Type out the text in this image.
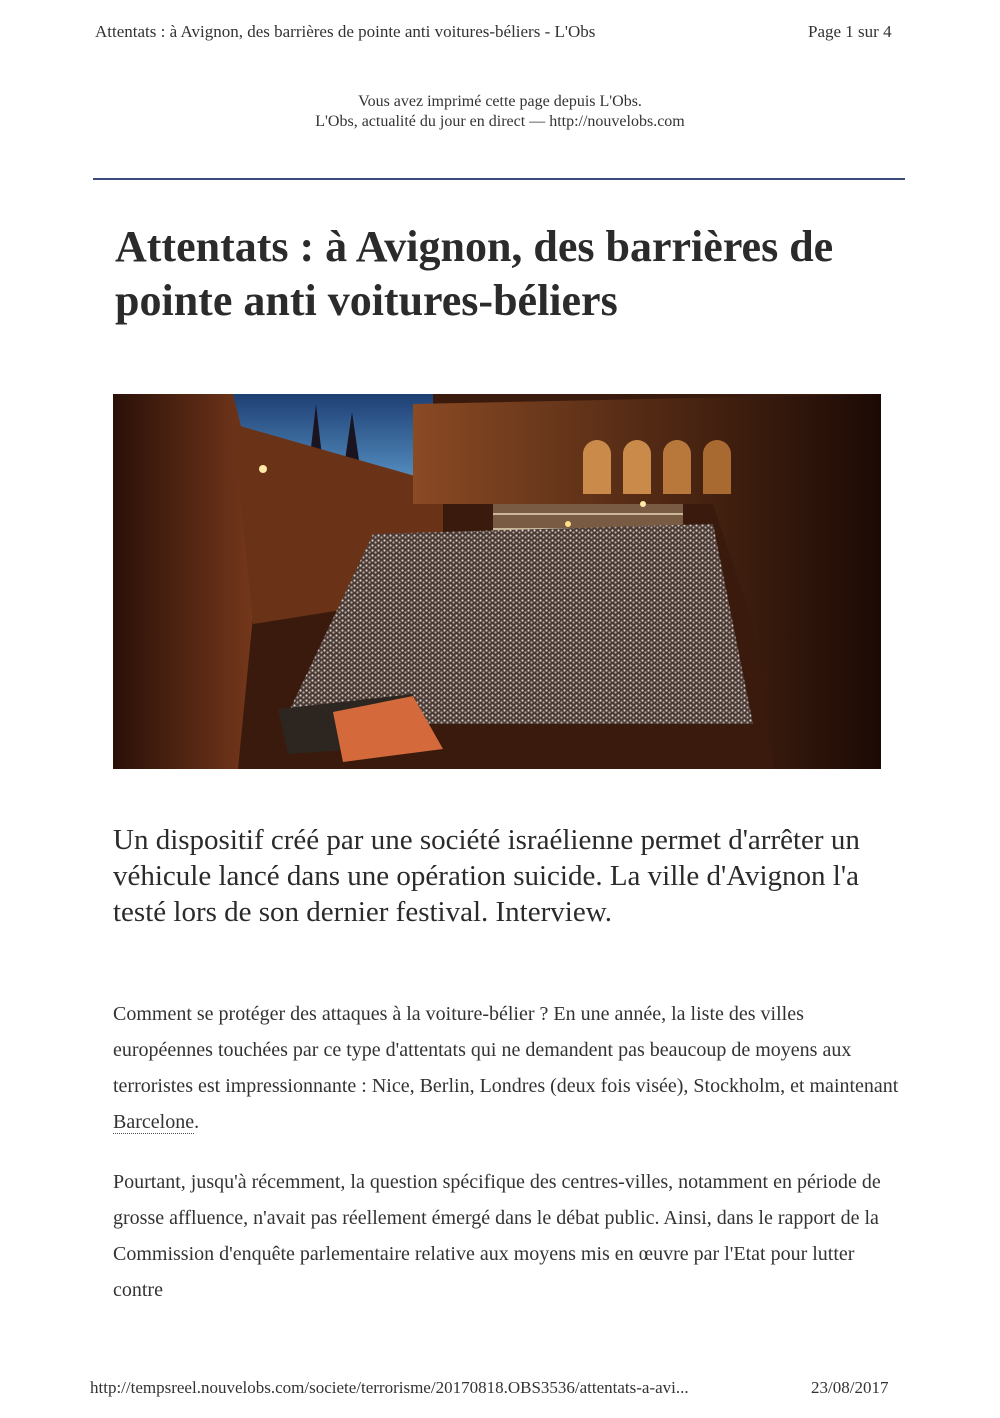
Attentats : à Avignon, des barrières de pointe anti voitures-béliers - L'Obs	Page 1 sur 4
Vous avez imprimé cette page depuis L'Obs.
L'Obs, actualité du jour en direct — http://nouvelobs.com
Attentats : à Avignon, des barrières de pointe anti voitures-béliers

Un dispositif créé par une société israélienne permet d'arrêter un véhicule lancé dans une opération suicide. La ville d'Avignon l'a testé lors de son dernier festival. Interview.

Comment se protéger des attaques à la voiture-bélier ? En une année, la liste des villes européennes touchées par ce type d'attentats qui ne demandent pas beaucoup de moyens aux terroristes est impressionnante : Nice, Berlin, Londres (deux fois visée), Stockholm, et maintenant Barcelone.

Pourtant, jusqu'à récemment, la question spécifique des centres-villes, notamment en période de grosse affluence, n'avait pas réellement émergé dans le débat public. Ainsi, dans le rapport de la Commission d'enquête parlementaire relative aux moyens mis en œuvre par l'Etat pour lutter contre

http://tempsreel.nouvelobs.com/societe/terrorisme/20170818.OBS3536/attentats-a-avi...	23/08/2017
